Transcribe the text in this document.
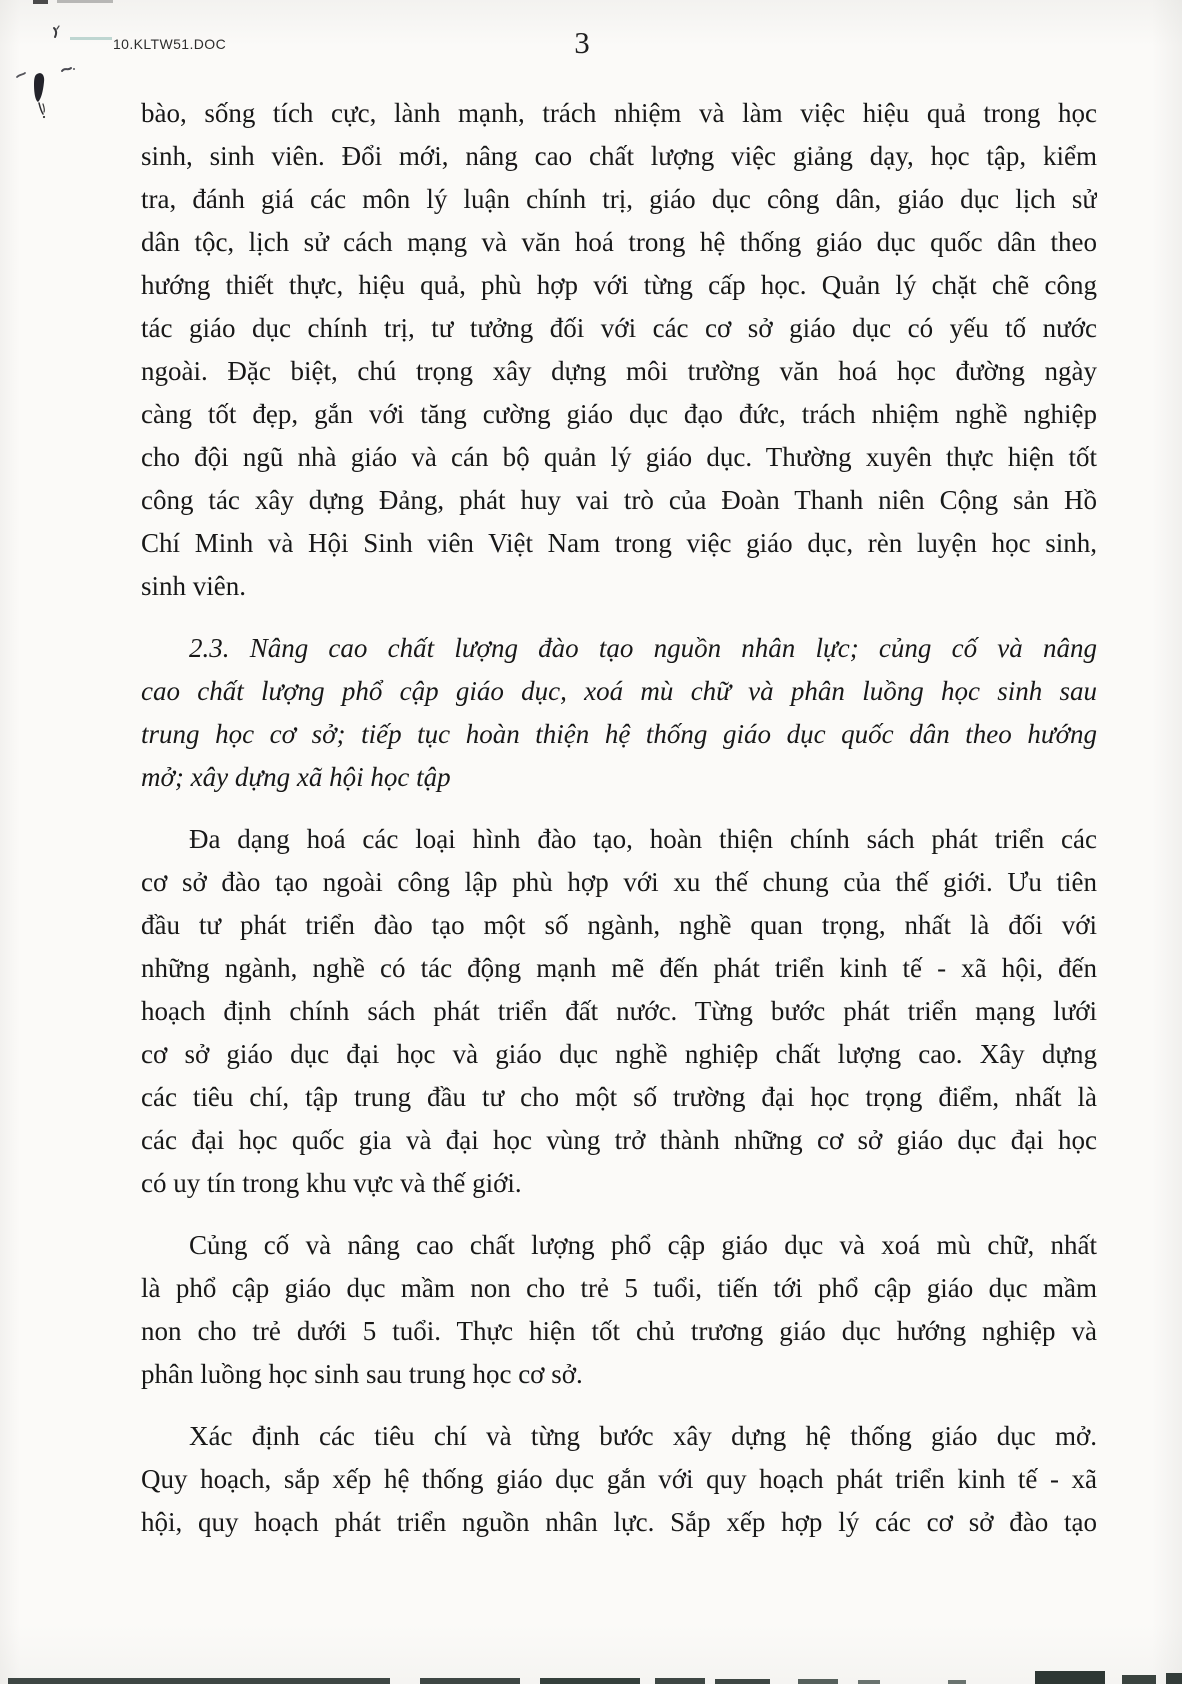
10.KLTW51.DOC	3
bào, sống tích cực, lành mạnh, trách nhiệm và làm việc hiệu quả trong học
sinh, sinh viên. Đổi mới, nâng cao chất lượng việc giảng dạy, học tập, kiểm
tra, đánh giá các môn lý luận chính trị, giáo dục công dân, giáo dục lịch sử
dân tộc, lịch sử cách mạng và văn hoá trong hệ thống giáo dục quốc dân theo
hướng thiết thực, hiệu quả, phù hợp với từng cấp học. Quản lý chặt chẽ công
tác giáo dục chính trị, tư tưởng đối với các cơ sở giáo dục có yếu tố nước
ngoài. Đặc biệt, chú trọng xây dựng môi trường văn hoá học đường ngày
càng tốt đẹp, gắn với tăng cường giáo dục đạo đức, trách nhiệm nghề nghiệp
cho đội ngũ nhà giáo và cán bộ quản lý giáo dục. Thường xuyên thực hiện tốt
công tác xây dựng Đảng, phát huy vai trò của Đoàn Thanh niên Cộng sản Hồ
Chí Minh và Hội Sinh viên Việt Nam trong việc giáo dục, rèn luyện học sinh,
sinh viên.
2.3. Nâng cao chất lượng đào tạo nguồn nhân lực; củng cố và nâng
cao chất lượng phổ cập giáo dục, xoá mù chữ và phân luồng học sinh sau
trung học cơ sở; tiếp tục hoàn thiện hệ thống giáo dục quốc dân theo hướng
mở; xây dựng xã hội học tập
Đa dạng hoá các loại hình đào tạo, hoàn thiện chính sách phát triển các
cơ sở đào tạo ngoài công lập phù hợp với xu thế chung của thế giới. Ưu tiên
đầu tư phát triển đào tạo một số ngành, nghề quan trọng, nhất là đối với
những ngành, nghề có tác động mạnh mẽ đến phát triển kinh tế - xã hội, đến
hoạch định chính sách phát triển đất nước. Từng bước phát triển mạng lưới
cơ sở giáo dục đại học và giáo dục nghề nghiệp chất lượng cao. Xây dựng
các tiêu chí, tập trung đầu tư cho một số trường đại học trọng điểm, nhất là
các đại học quốc gia và đại học vùng trở thành những cơ sở giáo dục đại học
có uy tín trong khu vực và thế giới.
Củng cố và nâng cao chất lượng phổ cập giáo dục và xoá mù chữ, nhất
là phổ cập giáo dục mầm non cho trẻ 5 tuổi, tiến tới phổ cập giáo dục mầm
non cho trẻ dưới 5 tuổi. Thực hiện tốt chủ trương giáo dục hướng nghiệp và
phân luồng học sinh sau trung học cơ sở.
Xác định các tiêu chí và từng bước xây dựng hệ thống giáo dục mở.
Quy hoạch, sắp xếp hệ thống giáo dục gắn với quy hoạch phát triển kinh tế - xã
hội, quy hoạch phát triển nguồn nhân lực. Sắp xếp hợp lý các cơ sở đào tạo
